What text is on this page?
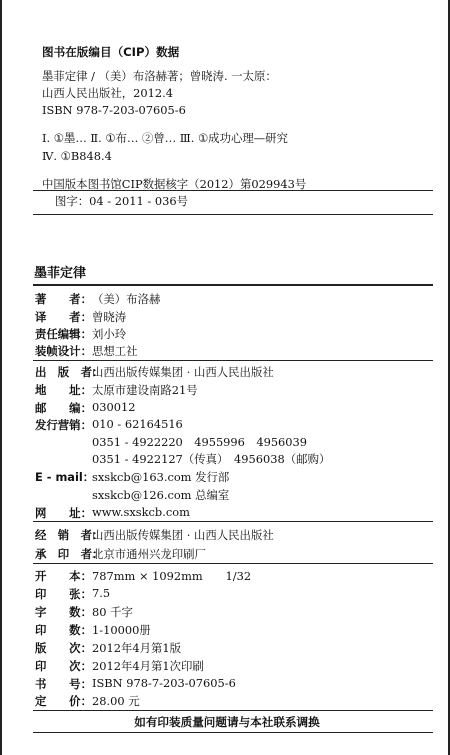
图书在版编目（CIP）数据
墨菲定律 / （美）布洛赫著；曾晓涛. 一太原：
山西人民出版社，2012.4
ISBN 978-7-203-07605-6
Ⅰ. ①墨… Ⅱ. ①布… ②曾… Ⅲ. ①成功心理—研究
Ⅳ. ①B848.4
中国版本图书馆CIP数据核字（2012）第029943号
图字：04 - 2011 - 036号
墨菲定律
著　　者： （美）布洛赫
译　　者： 曾晓涛
责任编辑： 刘小玲
装帧设计： 思想工社
出　版　者：
山西出版传媒集团 · 山西人民出版社
地　　址： 太原市建设南路21号
邮　　编： 030012
发行营销： 010 - 62164516
0351 - 4922220　4955996　4956039
0351 - 4922127（传真）　4956038（邮购）
E - mail：
sxskcb@163.com 发行部
sxskcb@126.com 总编室
网　　址： www.sxskcb.com
经　销　者：
山西出版传媒集团 · 山西人民出版社
承　印　者：
北京市通州兴龙印刷厂
开　　本： 787mm × 1092mm　　1/32
印　　张： 7.5
字　　数： 80 千字
印　　数： 1-10000册
版　　次： 2012年4月第1版
印　　次： 2012年4月第1次印刷
书　　号： ISBN 978-7-203-07605-6
定　　价： 28.00 元
如有印装质量问题请与本社联系调换
